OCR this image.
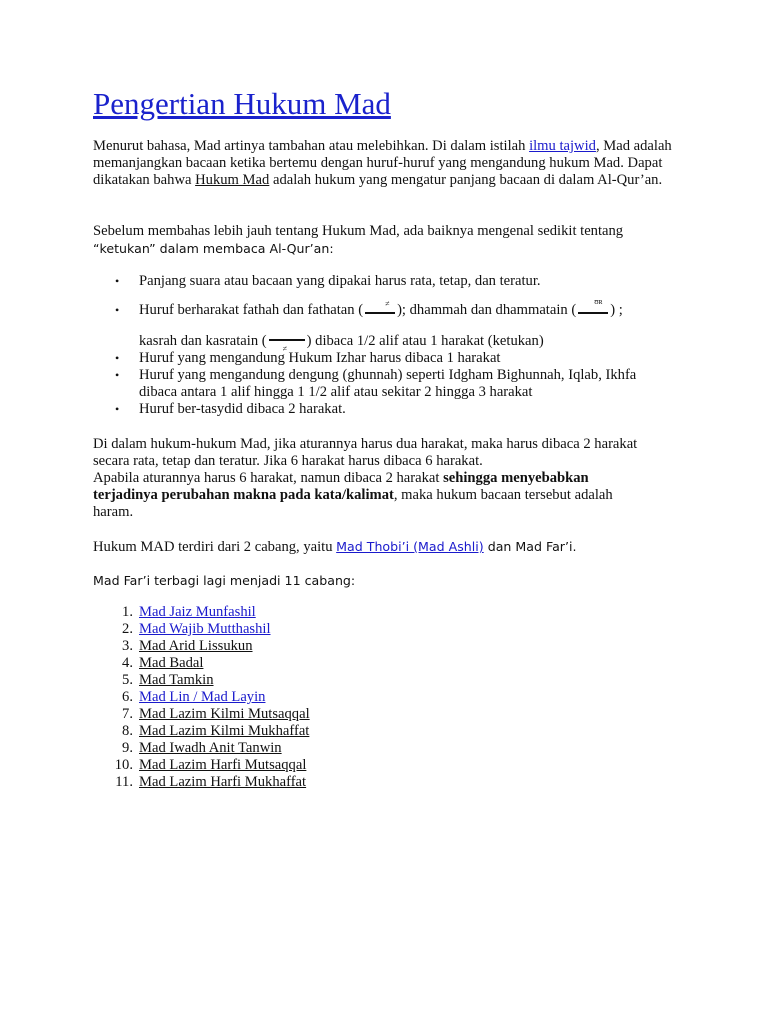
Pengertian Hukum Mad

Menurut bahasa, Mad artinya tambahan atau melebihkan. Di dalam istilah ilmu tajwid, Mad adalah memanjangkan bacaan ketika bertemu dengan huruf-huruf yang mengandung hukum Mad. Dapat dikatakan bahwa Hukum Mad adalah hukum yang mengatur panjang bacaan di dalam Al-Qur’an.

Sebelum membahas lebih jauh tentang Hukum Mad, ada baiknya mengenal sedikit tentang

“ketukan” dalam membaca Al-Qur’an:

• Panjang suara atau bacaan yang dipakai harus rata, tetap, dan teratur.
• Huruf berharakat fathah dan fathatan (	≠ ); dhammah dan dhammatain (
ʊʀ
) ;
kasrah dan kasratain ( ≠ ) dibaca 1/2 alif atau 1 harakat (ketukan)
• Huruf yang mengandung Hukum Izhar harus dibaca 1 harakat
• Huruf yang mengandung dengung (ghunnah) seperti Idgham Bighunnah, Iqlab, Ikhfa
dibaca antara 1 alif hingga 1 1/2 alif atau sekitar 2 hingga 3 harakat
• Huruf ber-tasydid dibaca 2 harakat.

Di dalam hukum-hukum Mad, jika aturannya harus dua harakat, maka harus dibaca 2 harakat

secara rata, tetap dan teratur. Jika 6 harakat harus dibaca 6 harakat.

Apabila aturannya harus 6 harakat, namun dibaca 2 harakat sehingga menyebabkan

terjadinya perubahan makna pada kata/kalimat, maka hukum bacaan tersebut adalah

haram.

Hukum MAD terdiri dari 2 cabang, yaitu Mad Thobi’i (Mad Ashli) dan Mad Far’i.

Mad Far’i terbagi lagi menjadi 11 cabang:

1. Mad Jaiz Munfashil
2. Mad Wajib Mutthashil
3. Mad Arid Lissukun
4. Mad Badal
5. Mad Tamkin
6. Mad Lin / Mad Layin
7. Mad Lazim Kilmi Mutsaqqal
8. Mad Lazim Kilmi Mukhaffat
9. Mad Iwadh Anit Tanwin
10. Mad Lazim Harfi Mutsaqqal
11. Mad Lazim Harfi Mukhaffat
